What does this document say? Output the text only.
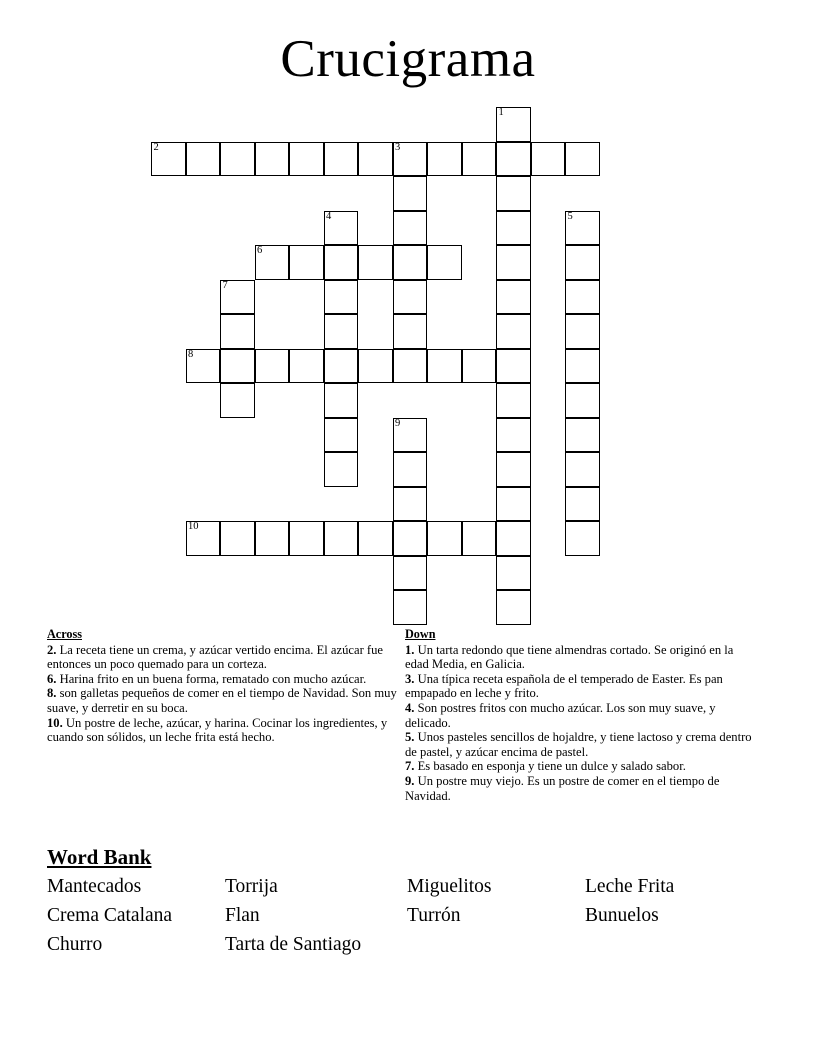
Crucigrama
1
2	3
4	5
6
7
8
9
10
Across
2. La receta tiene un crema, y azúcar vertido encima. El azúcar fue entonces un poco quemado para un corteza.
6. Harina frito en un buena forma, rematado con mucho azúcar.
8. son galletas pequeños de comer en el tiempo de Navidad. Son muy suave, y derretir en su boca.
10. Un postre de leche, azúcar, y harina. Cocinar los ingredientes, y cuando son sólidos, un leche frita está hecho.
Down
1. Un tarta redondo que tiene almendras cortado. Se originó en la edad Media, en Galicia.
3. Una típica receta española de el temperado de Easter. Es pan empapado en leche y frito.
4. Son postres fritos con mucho azúcar. Los son muy suave, y delicado.
5. Unos pasteles sencillos de hojaldre, y tiene lactoso y crema dentro de pastel, y azúcar encima de pastel.
7. Es basado en esponja y tiene un dulce y salado sabor.
9. Un postre muy viejo. Es un postre de comer en el tiempo de Navidad.
Word Bank
Mantecados	Torrija	Miguelitos	Leche Frita
Crema Catalana	Flan	Turrón	Bunuelos
Churro	Tarta de Santiago
